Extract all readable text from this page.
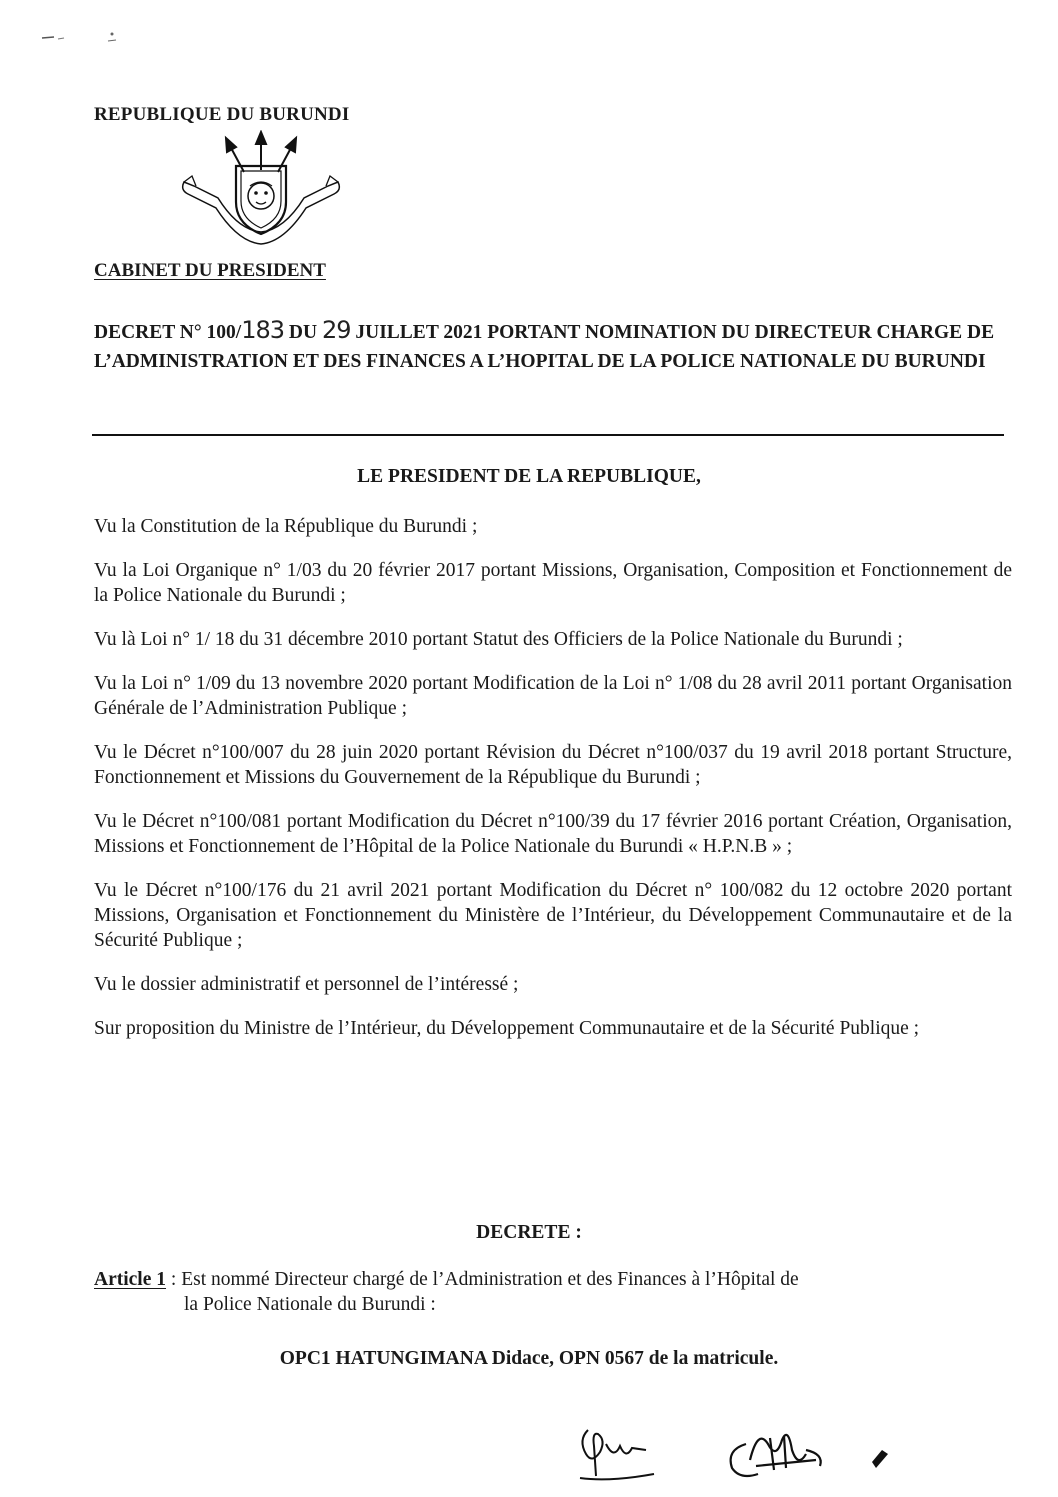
REPUBLIQUE DU BURUNDI
CABINET DU PRESIDENT
DECRET N° 100/183 DU 29 JUILLET 2021 PORTANT NOMINATION DU DIRECTEUR CHARGE DE L’ADMINISTRATION ET DES FINANCES A L’HOPITAL DE LA POLICE NATIONALE DU BURUNDI
LE PRESIDENT DE LA REPUBLIQUE,

Vu la Constitution de la République du Burundi ;

Vu la Loi Organique n° 1/03 du 20 février 2017 portant Missions, Organisation, Composition et Fonctionnement de la Police Nationale du Burundi ;

Vu là Loi n° 1/ 18 du 31 décembre 2010 portant Statut des Officiers de la Police Nationale du Burundi ;

Vu la Loi n° 1/09 du 13 novembre 2020 portant Modification de la Loi n° 1/08 du 28 avril 2011 portant Organisation Générale de l’Administration Publique ;

Vu le Décret n°100/007 du 28 juin 2020 portant Révision du Décret n°100/037 du 19 avril 2018 portant Structure, Fonctionnement et Missions du Gouvernement de la République du Burundi ;

Vu le Décret n°100/081 portant Modification du Décret n°100/39 du 17 février 2016 portant Création, Organisation, Missions et Fonctionnement de l’Hôpital de la Police Nationale du Burundi « H.P.N.B » ;

Vu le Décret n°100/176 du 21 avril 2021 portant Modification du Décret n° 100/082 du 12 octobre 2020 portant Missions, Organisation et Fonctionnement du Ministère de l’Intérieur, du Développement Communautaire et de la Sécurité Publique ;

Vu le dossier administratif et personnel de l’intéressé ;

Sur proposition du Ministre de l’Intérieur, du Développement Communautaire et de la Sécurité Publique ;

DECRETE :
Article 1 : Est nommé Directeur chargé de l’Administration et des Finances à l’Hôpital de
la Police Nationale du Burundi :
OPC1 HATUNGIMANA Didace, OPN 0567 de la matricule.
